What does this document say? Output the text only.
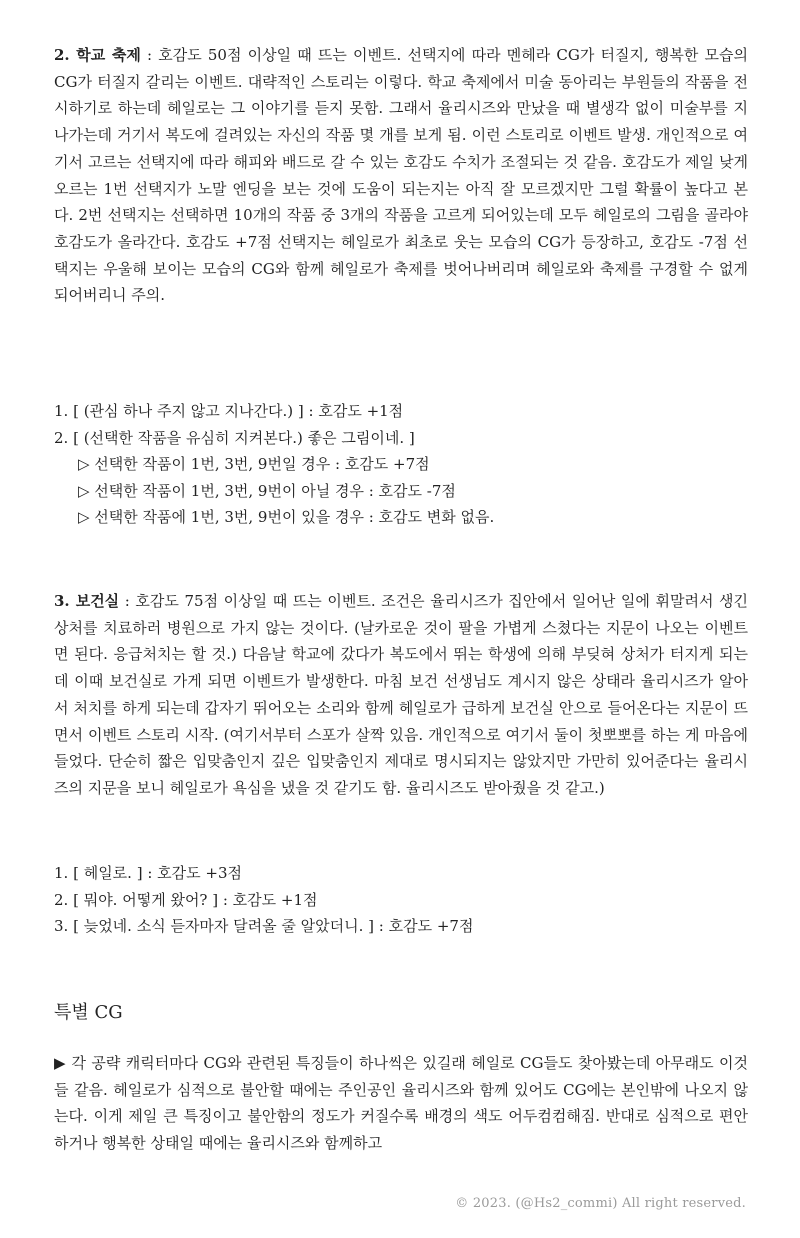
2. 학교 축제 : 호감도 50점 이상일 때 뜨는 이벤트. 선택지에 따라 멘헤라 CG가 터질지, 행복한 모습의 CG가 터질지 갈리는 이벤트. 대략적인 스토리는 이렇다. 학교 축제에서 미술 동아리는 부원들의 작품을 전시하기로 하는데 헤일로는 그 이야기를 듣지 못함. 그래서 율리시즈와 만났을 때 별생각 없이 미술부를 지나가는데 거기서 복도에 걸려있는 자신의 작품 몇 개를 보게 됨. 이런 스토리로 이벤트 발생. 개인적으로 여기서 고르는 선택지에 따라 해피와 배드로 갈 수 있는 호감도 수치가 조절되는 것 같음. 호감도가 제일 낮게 오르는 1번 선택지가 노말 엔딩을 보는 것에 도움이 되는지는 아직 잘 모르겠지만 그럴 확률이 높다고 본다. 2번 선택지는 선택하면 10개의 작품 중 3개의 작품을 고르게 되어있는데 모두 헤일로의 그림을 골라야 호감도가 올라간다. 호감도 +7점 선택지는 헤일로가 최초로 웃는 모습의 CG가 등장하고, 호감도 -7점 선택지는 우울해 보이는 모습의 CG와 함께 헤일로가 축제를 벗어나버리며 헤일로와 축제를 구경할 수 없게 되어버리니 주의.

1. [ (관심 하나 주지 않고 지나간다.) ] : 호감도 +1점
2. [ (선택한 작품을 유심히 지켜본다.) 좋은 그림이네. ]
▷ 선택한 작품이 1번, 3번, 9번일 경우 : 호감도 +7점
▷ 선택한 작품이 1번, 3번, 9번이 아닐 경우 : 호감도 -7점
▷ 선택한 작품에 1번, 3번, 9번이 있을 경우 : 호감도 변화 없음.

3. 보건실 : 호감도 75점 이상일 때 뜨는 이벤트. 조건은 율리시즈가 집안에서 일어난 일에 휘말려서 생긴 상처를 치료하러 병원으로 가지 않는 것이다. (날카로운 것이 팔을 가볍게 스쳤다는 지문이 나오는 이벤트면 된다. 응급처치는 할 것.) 다음날 학교에 갔다가 복도에서 뛰는 학생에 의해 부딪혀 상처가 터지게 되는데 이때 보건실로 가게 되면 이벤트가 발생한다. 마침 보건 선생님도 계시지 않은 상태라 율리시즈가 알아서 처치를 하게 되는데 갑자기 뛰어오는 소리와 함께 헤일로가 급하게 보건실 안으로 들어온다는 지문이 뜨면서 이벤트 스토리 시작. (여기서부터 스포가 살짝 있음. 개인적으로 여기서 둘이 첫뽀뽀를 하는 게 마음에 들었다. 단순히 짧은 입맞춤인지 깊은 입맞춤인지 제대로 명시되지는 않았지만 가만히 있어준다는 율리시즈의 지문을 보니 헤일로가 욕심을 냈을 것 같기도 함. 율리시즈도 받아줬을 것 같고.)

1. [ 헤일로. ] : 호감도 +3점
2. [ 뭐야. 어떻게 왔어? ] : 호감도 +1점
3. [ 늦었네. 소식 듣자마자 달려올 줄 알았더니. ] : 호감도 +7점
특별 CG

▶ 각 공략 캐릭터마다 CG와 관련된 특징들이 하나씩은 있길래 헤일로 CG들도 찾아봤는데 아무래도 이것들 같음. 헤일로가 심적으로 불안할 때에는 주인공인 율리시즈와 함께 있어도 CG에는 본인밖에 나오지 않는다. 이게 제일 큰 특징이고 불안함의 정도가 커질수록 배경의 색도 어두컴컴해짐. 반대로 심적으로 편안하거나 행복한 상태일 때에는 율리시즈와 함께하고

© 2023. (@Hs2_commi) All right reserved.
